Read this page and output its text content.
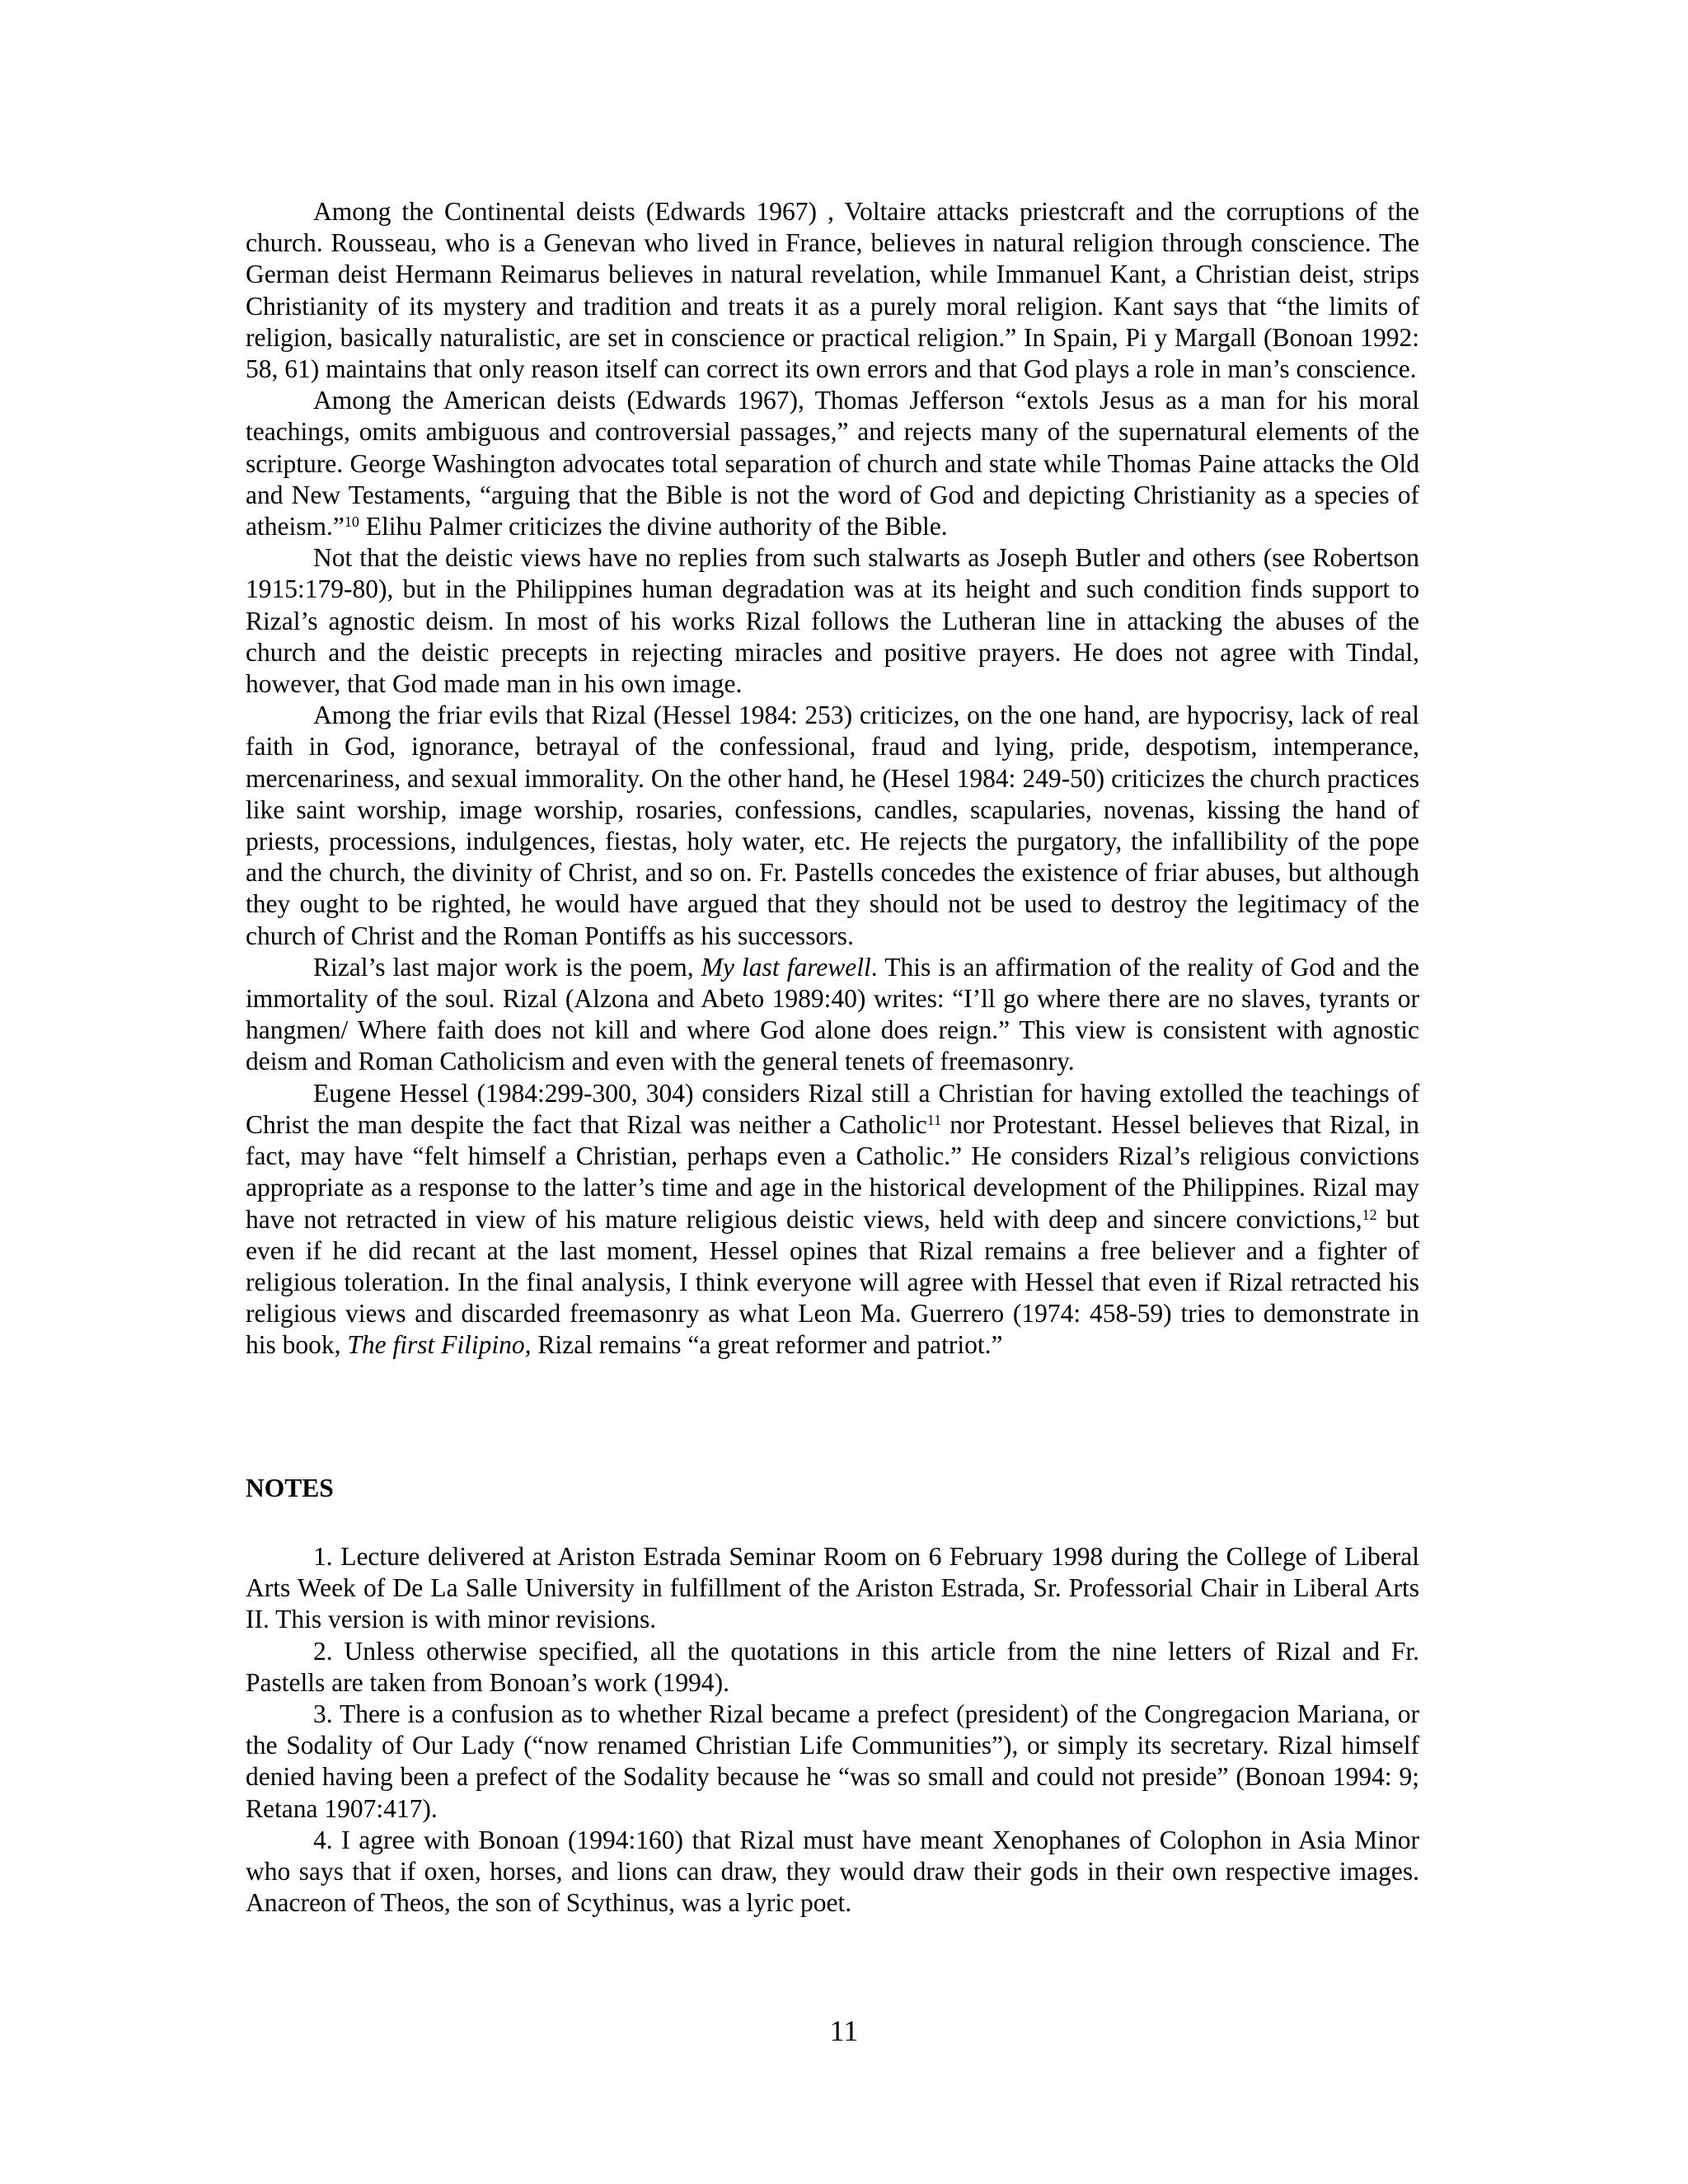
Among the Continental deists (Edwards 1967) , Voltaire attacks priestcraft and the corruptions of the church. Rousseau, who is a Genevan who lived in France, believes in natural religion through conscience. The German deist Hermann Reimarus believes in natural revelation, while Immanuel Kant, a Christian deist, strips Christianity of its mystery and tradition and treats it as a purely moral religion. Kant says that “the limits of religion, basically naturalistic, are set in conscience or practical religion.” In Spain, Pi y Margall (Bonoan 1992: 58, 61) maintains that only reason itself can correct its own errors and that God plays a role in man’s conscience.

Among the American deists (Edwards 1967), Thomas Jefferson “extols Jesus as a man for his moral teachings, omits ambiguous and controversial passages,” and rejects many of the supernatural elements of the scripture. George Washington advocates total separation of church and state while Thomas Paine attacks the Old and New Testaments, “arguing that the Bible is not the word of God and depicting Christianity as a species of atheism.”$^{10}$ Elihu Palmer criticizes the divine authority of the Bible.

Not that the deistic views have no replies from such stalwarts as Joseph Butler and others (see Robertson 1915:179-80), but in the Philippines human degradation was at its height and such condition finds support to Rizal’s agnostic deism. In most of his works Rizal follows the Lutheran line in attacking the abuses of the church and the deistic precepts in rejecting miracles and positive prayers. He does not agree with Tindal, however, that God made man in his own image.

Among the friar evils that Rizal (Hessel 1984: 253) criticizes, on the one hand, are hypocrisy, lack of real faith in God, ignorance, betrayal of the confessional, fraud and lying, pride, despotism, intemperance, mercenariness, and sexual immorality. On the other hand, he (Hesel 1984: 249-50) criticizes the church practices like saint worship, image worship, rosaries, confessions, candles, scapularies, novenas, kissing the hand of priests, processions, indulgences, fiestas, holy water, etc. He rejects the purgatory, the infallibility of the pope and the church, the divinity of Christ, and so on. Fr. Pastells concedes the existence of friar abuses, but although they ought to be righted, he would have argued that they should not be used to destroy the legitimacy of the church of Christ and the Roman Pontiffs as his successors.

Rizal’s last major work is the poem, My last farewell. This is an affirmation of the reality of God and the immortality of the soul. Rizal (Alzona and Abeto 1989:40) writes: “I’ll go where there are no slaves, tyrants or hangmen/ Where faith does not kill and where God alone does reign.” This view is consistent with agnostic deism and Roman Catholicism and even with the general tenets of freemasonry.

Eugene Hessel (1984:299-300, 304) considers Rizal still a Christian for having extolled the teachings of Christ the man despite the fact that Rizal was neither a Catholic$^{11}$ nor Protestant. Hessel believes that Rizal, in fact, may have “felt himself a Christian, perhaps even a Catholic.” He considers Rizal’s religious convictions appropriate as a response to the latter’s time and age in the historical development of the Philippines. Rizal may have not retracted in view of his mature religious deistic views, held with deep and sincere convictions,$^{12}$ but even if he did recant at the last moment, Hessel opines that Rizal remains a free believer and a fighter of religious toleration. In the final analysis, I think everyone will agree with Hessel that even if Rizal retracted his religious views and discarded freemasonry as what Leon Ma. Guerrero (1974: 458-59) tries to demonstrate in his book, The first Filipino, Rizal remains “a great reformer and patriot.”

NOTES

1. Lecture delivered at Ariston Estrada Seminar Room on 6 February 1998 during the College of Liberal Arts Week of De La Salle University in fulfillment of the Ariston Estrada, Sr. Professorial Chair in Liberal Arts II. This version is with minor revisions.

2. Unless otherwise specified, all the quotations in this article from the nine letters of Rizal and Fr. Pastells are taken from Bonoan’s work (1994).

3. There is a confusion as to whether Rizal became a prefect (president) of the Congregacion Mariana, or the Sodality of Our Lady (“now renamed Christian Life Communities”), or simply its secretary. Rizal himself denied having been a prefect of the Sodality because he “was so small and could not preside” (Bonoan 1994: 9; Retana 1907:417).

4. I agree with Bonoan (1994:160) that Rizal must have meant Xenophanes of Colophon in Asia Minor who says that if oxen, horses, and lions can draw, they would draw their gods in their own respective images. Anacreon of Theos, the son of Scythinus, was a lyric poet.

11
